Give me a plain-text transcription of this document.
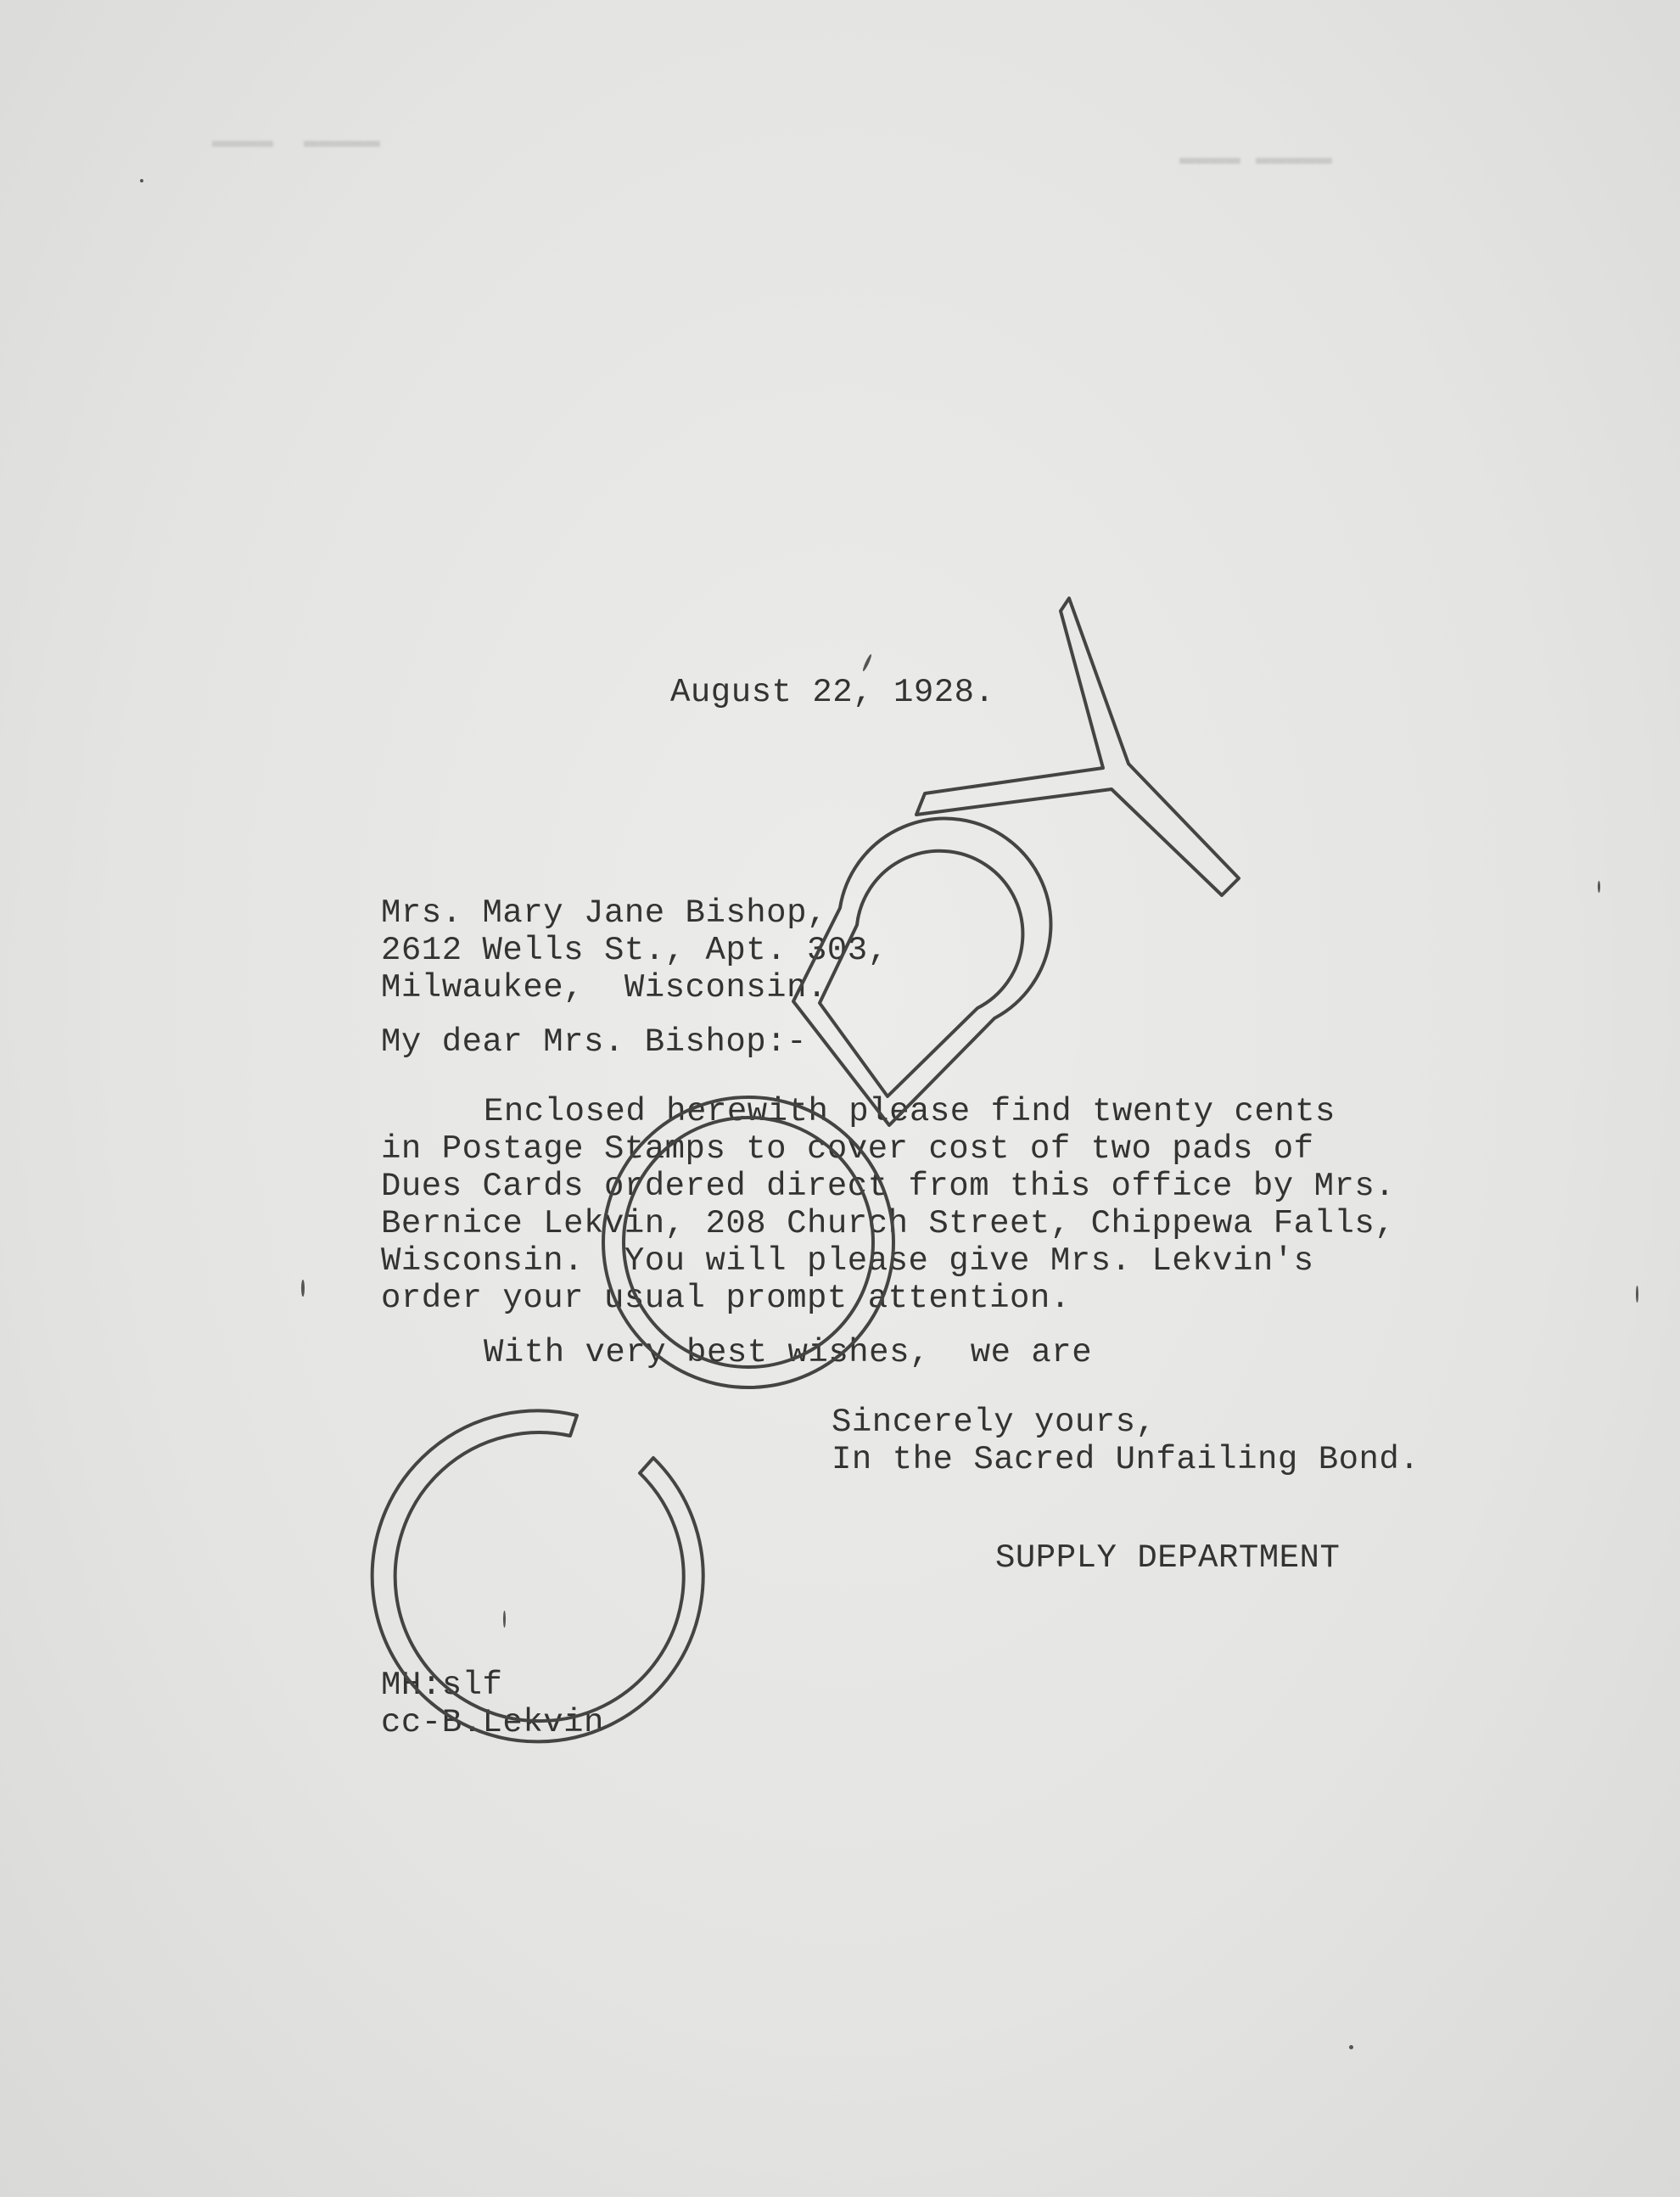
▬▬▬▬  ▬▬▬▬▬
▬▬▬▬ ▬▬▬▬▬
August 22, 1928.
Mrs. Mary Jane Bishop,
2612 Wells St., Apt. 303,
Milwaukee,  Wisconsin.
My dear Mrs. Bishop:-
Enclosed herewith please find twenty cents
in Postage Stamps to cover cost of two pads of
Dues Cards ordered direct from this office by Mrs.
Bernice Lekvin, 208 Church Street, Chippewa Falls,
Wisconsin.  You will please give Mrs. Lekvin's
order your usual prompt attention.
With very best wishes,  we are
Sincerely yours,
In the Sacred Unfailing Bond.
SUPPLY DEPARTMENT
MH:slf
cc-B.Lekvin
